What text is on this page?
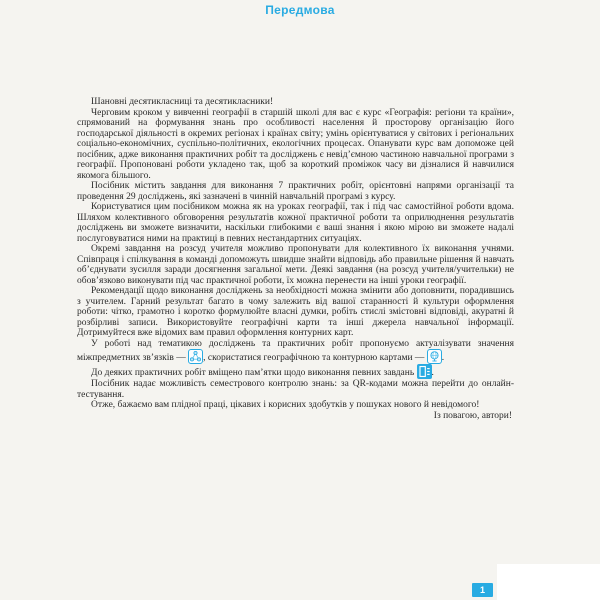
Передмова

Шановні десятикласниці та десятикласники!

Черговим кроком у вивченні географії в старшій школі для вас є курс «Географія: регіони та країни», спрямований на формування знань про особливості населення й просторову організацію його господарської діяльності в окремих регіонах і країнах світу; умінь орієнтуватися у світових і регіональних соціально-економічних, суспільно-політичних, екологічних процесах. Опанувати курс вам допоможе цей посібник, адже виконання практичних робіт та досліджень є невід’ємною частиною навчальної програми з географії. Пропоновані роботи укладено так, щоб за короткий проміжок часу ви дізналися й навчилися якомога більшого.

Посібник містить завдання для виконання 7 практичних робіт, орієнтовні напрями організації та проведення 29 досліджень, які зазначені в чинній навчальній програмі з курсу.

Користуватися цим посібником можна як на уроках географії, так і під час самостійної роботи вдома. Шляхом колективного обговорення результатів кожної практичної роботи та оприлюднення результатів досліджень ви зможете визначити, наскільки глибокими є ваші знання і якою мірою ви зможете надалі послуговуватися ними на практиці в певних нестандартних ситуаціях.

Окремі завдання на розсуд учителя можливо пропонувати для колективного їх виконання учнями. Співпраця і спілкування в команді допоможуть швидше знайти відповідь або правильне рішення й навчать об’єднувати зусилля заради досягнення загальної мети. Деякі завдання (на розсуд учителя/учительки) не обов’язково виконувати під час практичної роботи, їх можна перенести на інші уроки географії.

Рекомендації щодо виконання досліджень за необхідності можна змінити або доповнити, порадившись з учителем. Гарний результат багато в чому залежить від вашої старанності й культури оформлення роботи: чітко, грамотно і коротко формулюйте власні думки, робіть стислі змістовні відповіді, акуратні й розбірливі записи. Використовуйте географічні карти та інші джерела навчальної інформації. Дотримуйтеся вже відомих вам правил оформлення контурних карт.

У роботі над тематикою досліджень та практичних робіт пропонуємо актуалізувати значення міжпредметних зв’язків —
, скористатися географічною та контурною картами —
.

До деяких практичних робіт вміщено пам’ятки щодо виконання певних завдань
.

Посібник надає можливість семестрового контролю знань: за QR-кодами можна перейти до онлайн-тестування.

Отже, бажаємо вам плідної праці, цікавих і корисних здобутків у пошуках нового й невідомого!

Із повагою, автори!

1
